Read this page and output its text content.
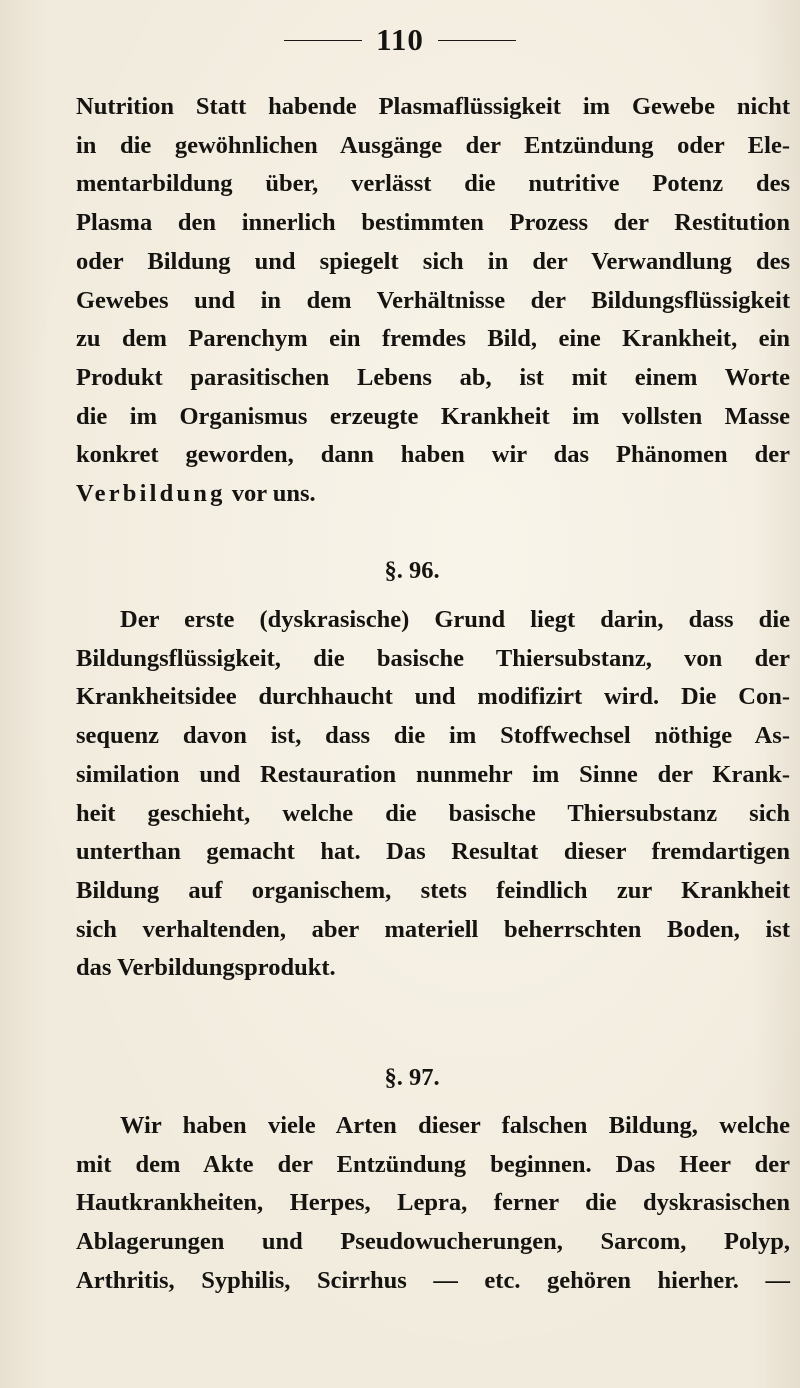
110
Nutrition Statt habende Plasmaflüssigkeit im Gewebe nicht
in die gewöhnlichen Ausgänge der Entzündung oder Ele-
mentarbildung über, verlässt die nutritive Potenz des
Plasma den innerlich bestimmten Prozess der Restitution
oder Bildung und spiegelt sich in der Verwandlung des
Gewebes und in dem Verhältnisse der Bildungsflüssigkeit
zu dem Parenchym ein fremdes Bild, eine Krankheit, ein
Produkt parasitischen Lebens ab, ist mit einem Worte
die im Organismus erzeugte Krankheit im vollsten Masse
konkret geworden, dann haben wir das Phänomen der
Verbildung vor uns.
§. 96.
Der erste (dyskrasische) Grund liegt darin, dass die
Bildungsflüssigkeit, die basische Thiersubstanz, von der
Krankheitsidee durchhaucht und modifizirt wird. Die Con-
sequenz davon ist, dass die im Stoffwechsel nöthige As-
similation und Restauration nunmehr im Sinne der Krank-
heit geschieht, welche die basische Thiersubstanz sich
unterthan gemacht hat. Das Resultat dieser fremdartigen
Bildung auf organischem, stets feindlich zur Krankheit
sich verhaltenden, aber materiell beherrschten Boden, ist
das Verbildungsprodukt.
§. 97.
Wir haben viele Arten dieser falschen Bildung, welche
mit dem Akte der Entzündung beginnen. Das Heer der
Hautkrankheiten, Herpes, Lepra, ferner die dyskrasischen
Ablagerungen und Pseudowucherungen, Sarcom, Polyp,
Arthritis, Syphilis, Scirrhus — etc. gehören hierher. —
